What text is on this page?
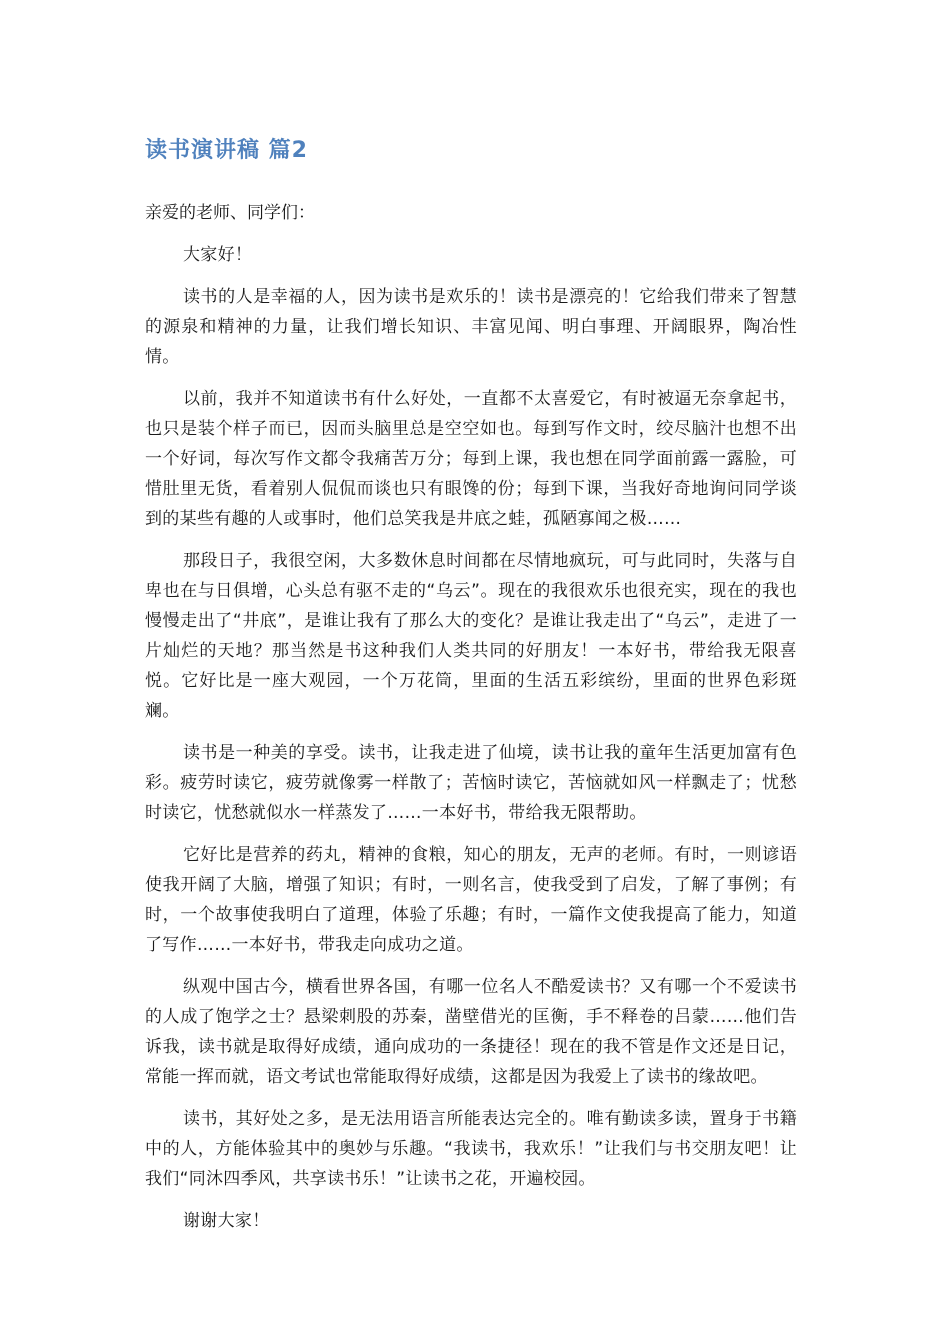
读书演讲稿 篇2

亲爱的老师、同学们：

大家好！

读书的人是幸福的人，因为读书是欢乐的！读书是漂亮的！它给我们带来了智慧的源泉和精神的力量，让我们增长知识、丰富见闻、明白事理、开阔眼界，陶冶性情。

以前，我并不知道读书有什么好处，一直都不太喜爱它，有时被逼无奈拿起书，也只是装个样子而已，因而头脑里总是空空如也。每到写作文时，绞尽脑汁也想不出一个好词，每次写作文都令我痛苦万分；每到上课，我也想在同学面前露一露脸，可惜肚里无货，看着别人侃侃而谈也只有眼馋的份；每到下课，当我好奇地询问同学谈到的某些有趣的人或事时，他们总笑我是井底之蛙，孤陋寡闻之极……

那段日子，我很空闲，大多数休息时间都在尽情地疯玩，可与此同时，失落与自卑也在与日俱增，心头总有驱不走的“乌云”。现在的我很欢乐也很充实，现在的我也慢慢走出了“井底”，是谁让我有了那么大的变化？是谁让我走出了“乌云”，走进了一片灿烂的天地？那当然是书这种我们人类共同的好朋友！一本好书，带给我无限喜悦。它好比是一座大观园，一个万花筒，里面的生活五彩缤纷，里面的世界色彩斑斓。

读书是一种美的享受。读书，让我走进了仙境，读书让我的童年生活更加富有色彩。疲劳时读它，疲劳就像雾一样散了；苦恼时读它，苦恼就如风一样飘走了；忧愁时读它，忧愁就似水一样蒸发了……一本好书，带给我无限帮助。

它好比是营养的药丸，精神的食粮，知心的朋友，无声的老师。有时，一则谚语使我开阔了大脑，增强了知识；有时，一则名言，使我受到了启发，了解了事例；有时，一个故事使我明白了道理，体验了乐趣；有时，一篇作文使我提高了能力，知道了写作……一本好书，带我走向成功之道。

纵观中国古今，横看世界各国，有哪一位名人不酷爱读书？又有哪一个不爱读书的人成了饱学之士？悬梁刺股的苏秦，凿壁借光的匡衡，手不释卷的吕蒙……他们告诉我，读书就是取得好成绩，通向成功的一条捷径！现在的我不管是作文还是日记，常能一挥而就，语文考试也常能取得好成绩，这都是因为我爱上了读书的缘故吧。

读书，其好处之多，是无法用语言所能表达完全的。唯有勤读多读，置身于书籍中的人，方能体验其中的奥妙与乐趣。“我读书，我欢乐！”让我们与书交朋友吧！让我们“同沐四季风，共享读书乐！”让读书之花，开遍校园。

谢谢大家！
